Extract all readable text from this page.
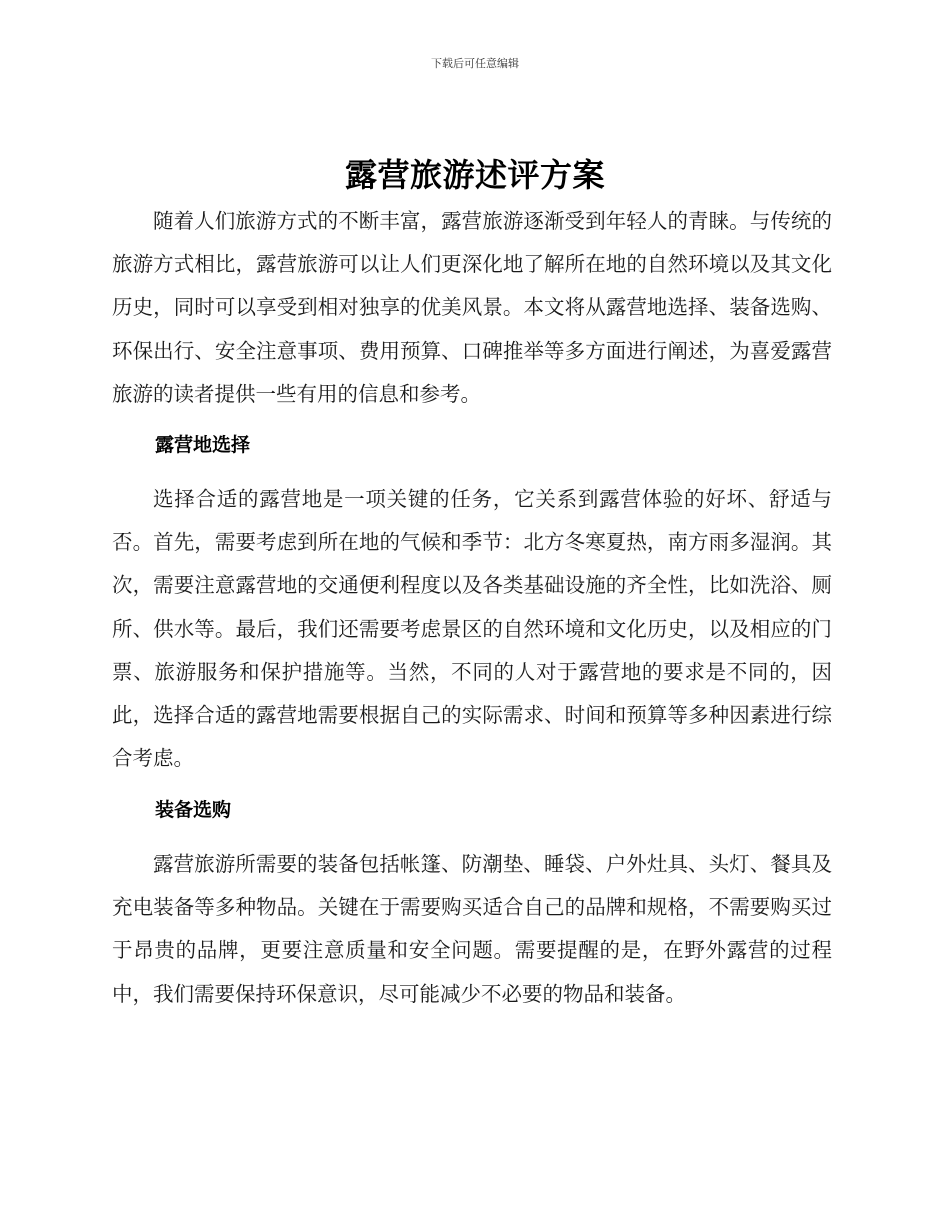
下载后可任意编辑
露营旅游述评方案

随着人们旅游方式的不断丰富，露营旅游逐渐受到年轻人的青睐。与传统的旅游方式相比，露营旅游可以让人们更深化地了解所在地的自然环境以及其文化历史，同时可以享受到相对独享的优美风景。本文将从露营地选择、装备选购、环保出行、安全注意事项、费用预算、口碑推举等多方面进行阐述，为喜爱露营旅游的读者提供一些有用的信息和参考。

露营地选择

选择合适的露营地是一项关键的任务，它关系到露营体验的好坏、舒适与否。首先，需要考虑到所在地的气候和季节：北方冬寒夏热，南方雨多湿润。其次，需要注意露营地的交通便利程度以及各类基础设施的齐全性，比如洗浴、厕所、供水等。最后，我们还需要考虑景区的自然环境和文化历史，以及相应的门票、旅游服务和保护措施等。当然，不同的人对于露营地的要求是不同的，因此，选择合适的露营地需要根据自己的实际需求、时间和预算等多种因素进行综合考虑。

装备选购

露营旅游所需要的装备包括帐篷、防潮垫、睡袋、户外灶具、头灯、餐具及充电装备等多种物品。关键在于需要购买适合自己的品牌和规格，不需要购买过于昂贵的品牌，更要注意质量和安全问题。需要提醒的是，在野外露营的过程中，我们需要保持环保意识，尽可能减少不必要的物品和装备。
